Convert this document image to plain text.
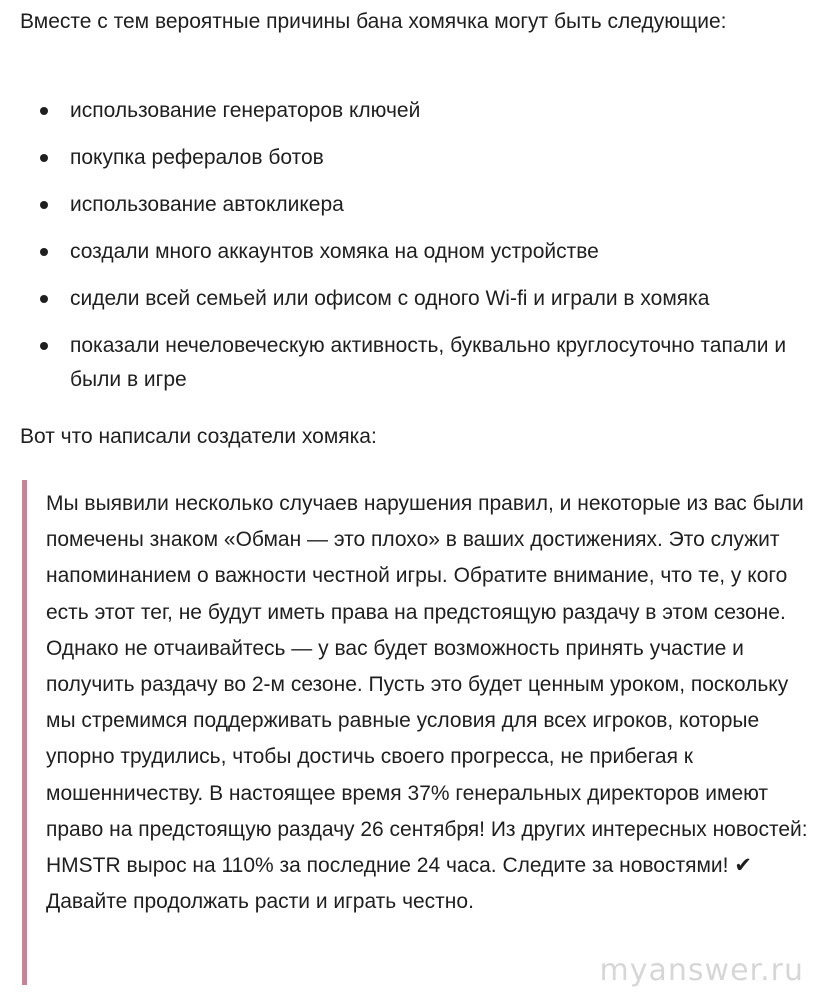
Вместе с тем вероятные причины бана хомячка могут быть следующие:

использование генераторов ключей
покупка рефералов ботов
использование автокликера
создали много аккаунтов хомяка на одном устройстве
сидели всей семьей или офисом с одного Wi-fi и играли в хомяка
показали нечеловеческую активность, буквально круглосуточно тапали и были в игре

Вот что написали создатели хомяка:

Мы выявили несколько случаев нарушения правил, и некоторые из вас были помечены знаком «Обман — это плохо» в ваших достижениях. Это служит напоминанием о важности честной игры. Обратите внимание, что те, у кого есть этот тег, не будут иметь права на предстоящую раздачу в этом сезоне. Однако не отчаивайтесь — у вас будет возможность принять участие и получить раздачу во 2-м сезоне. Пусть это будет ценным уроком, поскольку мы стремимся поддерживать равные условия для всех игроков, которые упорно трудились, чтобы достичь своего прогресса, не прибегая к мошенничеству. В настоящее время 37% генеральных директоров имеют право на предстоящую раздачу 26 сентября! Из других интересных новостей: HMSTR вырос на 110% за последние 24 часа. Следите за новостями! ✔ Давайте продолжать расти и играть честно.

myanswer.ru
